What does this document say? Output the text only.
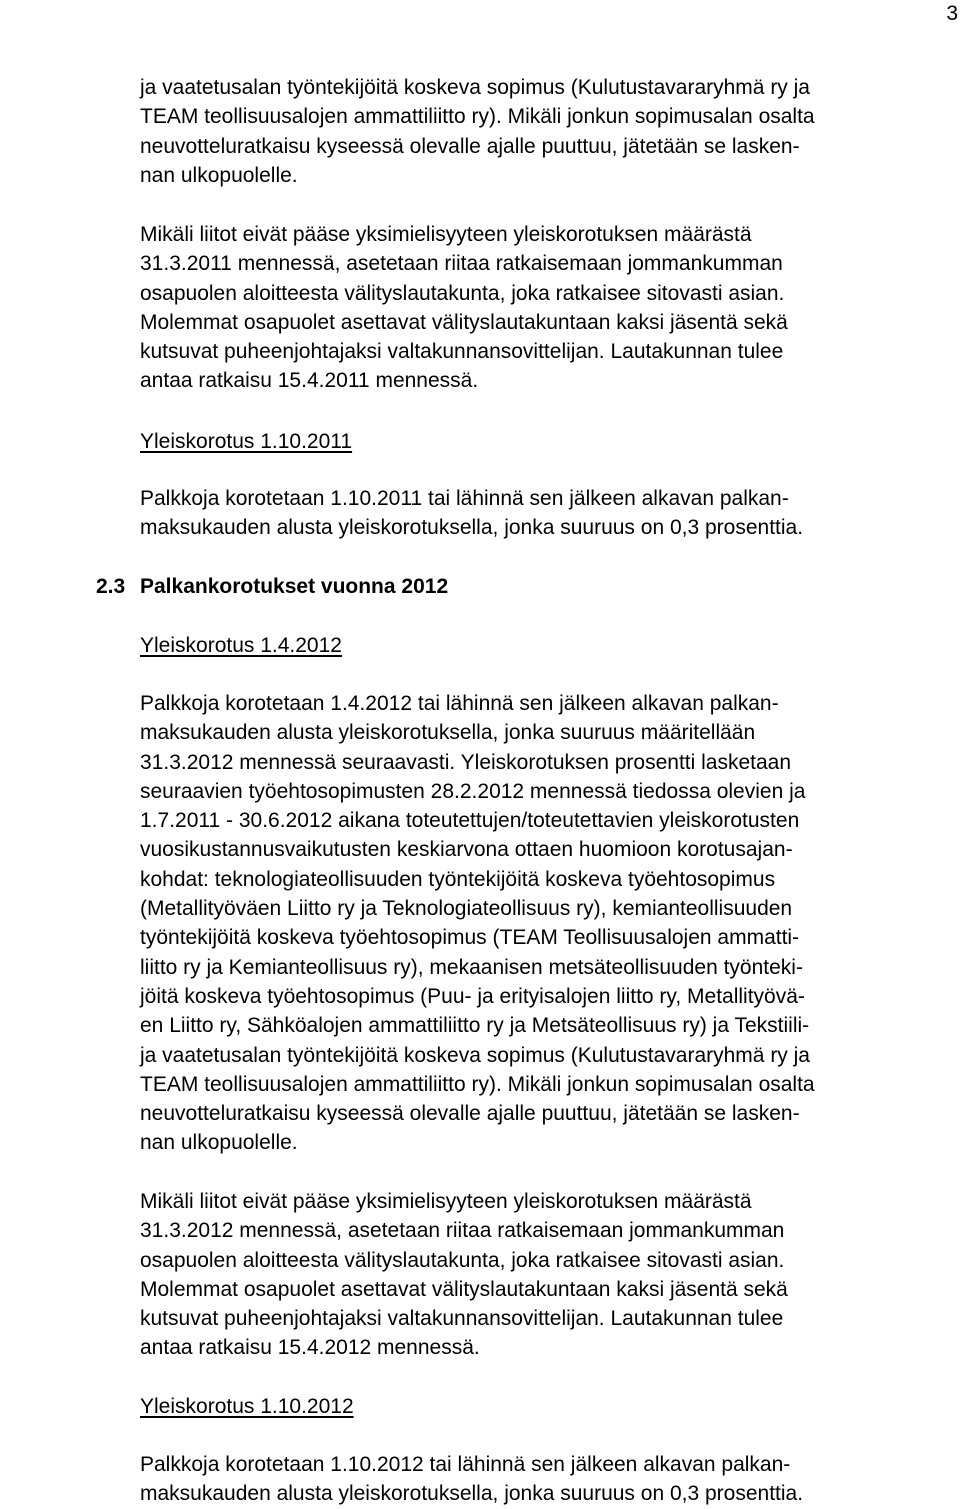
3

ja vaatetusalan työntekijöitä koskeva sopimus (Kulutustavararyhmä ry ja
TEAM teollisuusalojen ammattiliitto ry). Mikäli jonkun sopimusalan osalta
neuvotteluratkaisu kyseessä olevalle ajalle puuttuu, jätetään se lasken-
nan ulkopuolelle.

Mikäli liitot eivät pääse yksimielisyyteen yleiskorotuksen määrästä
31.3.2011 mennessä, asetetaan riitaa ratkaisemaan jommankumman
osapuolen aloitteesta välityslautakunta, joka ratkaisee sitovasti asian.
Molemmat osapuolet asettavat välityslautakuntaan kaksi jäsentä sekä
kutsuvat puheenjohtajaksi valtakunnansovittelijan. Lautakunnan tulee
antaa ratkaisu 15.4.2011 mennessä.

Yleiskorotus 1.10.2011

Palkkoja korotetaan 1.10.2011 tai lähinnä sen jälkeen alkavan palkan-
maksukauden alusta yleiskorotuksella, jonka suuruus on 0,3 prosenttia.

2.3 Palkankorotukset vuonna 2012
Yleiskorotus 1.4.2012

Palkkoja korotetaan 1.4.2012 tai lähinnä sen jälkeen alkavan palkan-
maksukauden alusta yleiskorotuksella, jonka suuruus määritellään
31.3.2012 mennessä seuraavasti. Yleiskorotuksen prosentti lasketaan
seuraavien työehtosopimusten 28.2.2012 mennessä tiedossa olevien ja
1.7.2011 - 30.6.2012 aikana toteutettujen/toteutettavien yleiskorotusten
vuosikustannusvaikutusten keskiarvona ottaen huomioon korotusajan-
kohdat: teknologiateollisuuden työntekijöitä koskeva työehtosopimus
(Metallityöväen Liitto ry ja Teknologiateollisuus ry), kemianteollisuuden
työntekijöitä koskeva työehtosopimus (TEAM Teollisuusalojen ammatti-
liitto ry ja Kemianteollisuus ry), mekaanisen metsäteollisuuden työnteki-
jöitä koskeva työehtosopimus (Puu- ja erityisalojen liitto ry, Metallityövä-
en Liitto ry, Sähköalojen ammattiliitto ry ja Metsäteollisuus ry) ja Tekstiili-
ja vaatetusalan työntekijöitä koskeva sopimus (Kulutustavararyhmä ry ja
TEAM teollisuusalojen ammattiliitto ry). Mikäli jonkun sopimusalan osalta
neuvotteluratkaisu kyseessä olevalle ajalle puuttuu, jätetään se lasken-
nan ulkopuolelle.

Mikäli liitot eivät pääse yksimielisyyteen yleiskorotuksen määrästä
31.3.2012 mennessä, asetetaan riitaa ratkaisemaan jommankumman
osapuolen aloitteesta välityslautakunta, joka ratkaisee sitovasti asian.
Molemmat osapuolet asettavat välityslautakuntaan kaksi jäsentä sekä
kutsuvat puheenjohtajaksi valtakunnansovittelijan. Lautakunnan tulee
antaa ratkaisu 15.4.2012 mennessä.

Yleiskorotus 1.10.2012

Palkkoja korotetaan 1.10.2012 tai lähinnä sen jälkeen alkavan palkan-
maksukauden alusta yleiskorotuksella, jonka suuruus on 0,3 prosenttia.
